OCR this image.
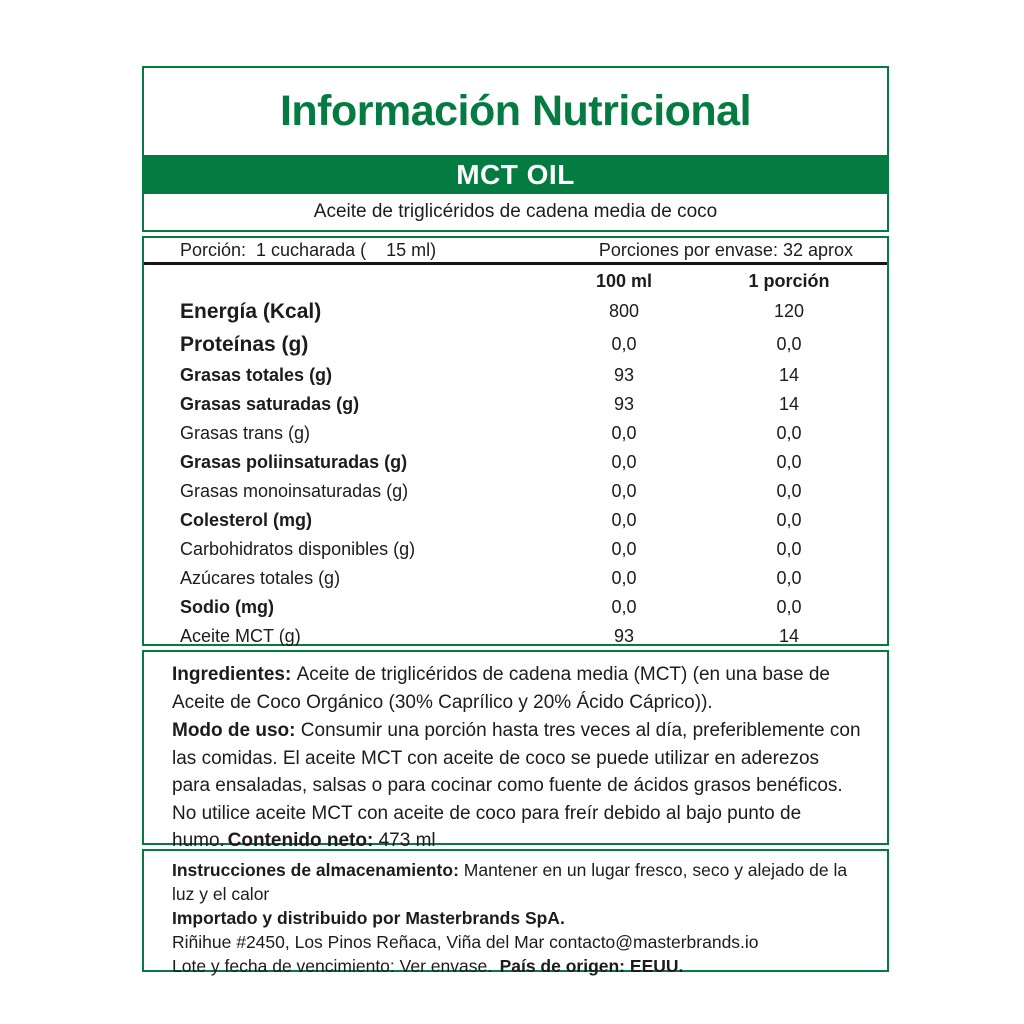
Información Nutricional
MCT OIL
Aceite de triglicéridos de cadena media de coco
Porción:  1 cucharada (    15 ml)	Porciones por envase: 32 aprox
100 ml	1 porción
Energía (Kcal)	800	120
Proteínas (g)	0,0	0,0
Grasas totales (g)	93	14
Grasas saturadas (g)	93	14
Grasas trans (g)	0,0	0,0
Grasas poliinsaturadas (g)	0,0	0,0
Grasas monoinsaturadas (g)	0,0	0,0
Colesterol (mg)	0,0	0,0
Carbohidratos disponibles (g)	0,0	0,0
Azúcares totales (g)	0,0	0,0
Sodio (mg)	0,0	0,0
Aceite MCT (g)	93	14

Ingredientes: Aceite de triglicéridos de cadena media (MCT) (en una base de Aceite de Coco Orgánico (30% Caprílico y 20% Ácido Cáprico)).

Modo de uso: Consumir una porción hasta tres veces al día, preferiblemente con las comidas. El aceite MCT con aceite de coco se puede utilizar en aderezos para ensaladas, salsas o para cocinar como fuente de ácidos grasos benéficos. No utilice aceite MCT con aceite de coco para freír debido al bajo punto de humo. Contenido neto: 473 ml

Instrucciones de almacenamiento: Mantener en un lugar fresco, seco y alejado de la luz y el calor

Importado y distribuido por Masterbrands SpA.

Riñihue #2450, Los Pinos Reñaca, Viña del Mar contacto@masterbrands.io

Lote y fecha de vencimiento: Ver envase. País de origen: EEUU.
